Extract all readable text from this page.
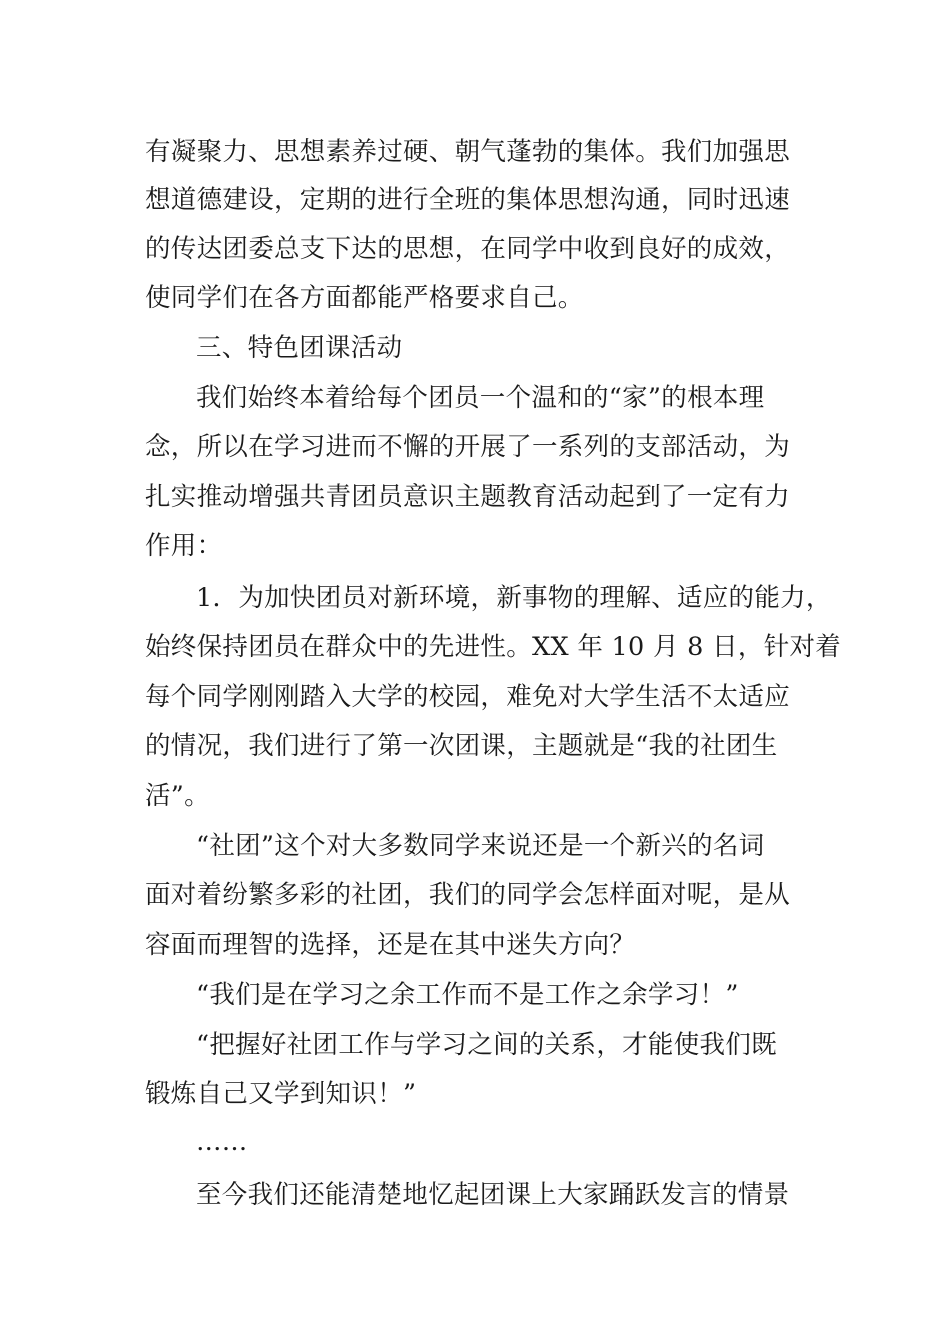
有凝聚力、思想素养过硬、朝气蓬勃的集体。我们加强思
想道德建设，定期的进行全班的集体思想沟通，同时迅速
的传达团委总支下达的思想，在同学中收到良好的成效，
使同学们在各方面都能严格要求自己。
三、特色团课活动
我们始终本着给每个团员一个温和的“家”的根本理
念，所以在学习进而不懈的开展了一系列的支部活动，为
扎实推动增强共青团员意识主题教育活动起到了一定有力
作用：
1．为加快团员对新环境，新事物的理解、适应的能力，
始终保持团员在群众中的先进性。XX 年 10 月 8 日，针对着
每个同学刚刚踏入大学的校园，难免对大学生活不太适应
的情况，我们进行了第一次团课，主题就是“我的社团生
活”。
“社团”这个对大多数同学来说还是一个新兴的名词
面对着纷繁多彩的社团，我们的同学会怎样面对呢，是从
容面而理智的选择，还是在其中迷失方向？
“我们是在学习之余工作而不是工作之余学习！”
“把握好社团工作与学习之间的关系，才能使我们既
锻炼自己又学到知识！”
……
至今我们还能清楚地忆起团课上大家踊跃发言的情景
